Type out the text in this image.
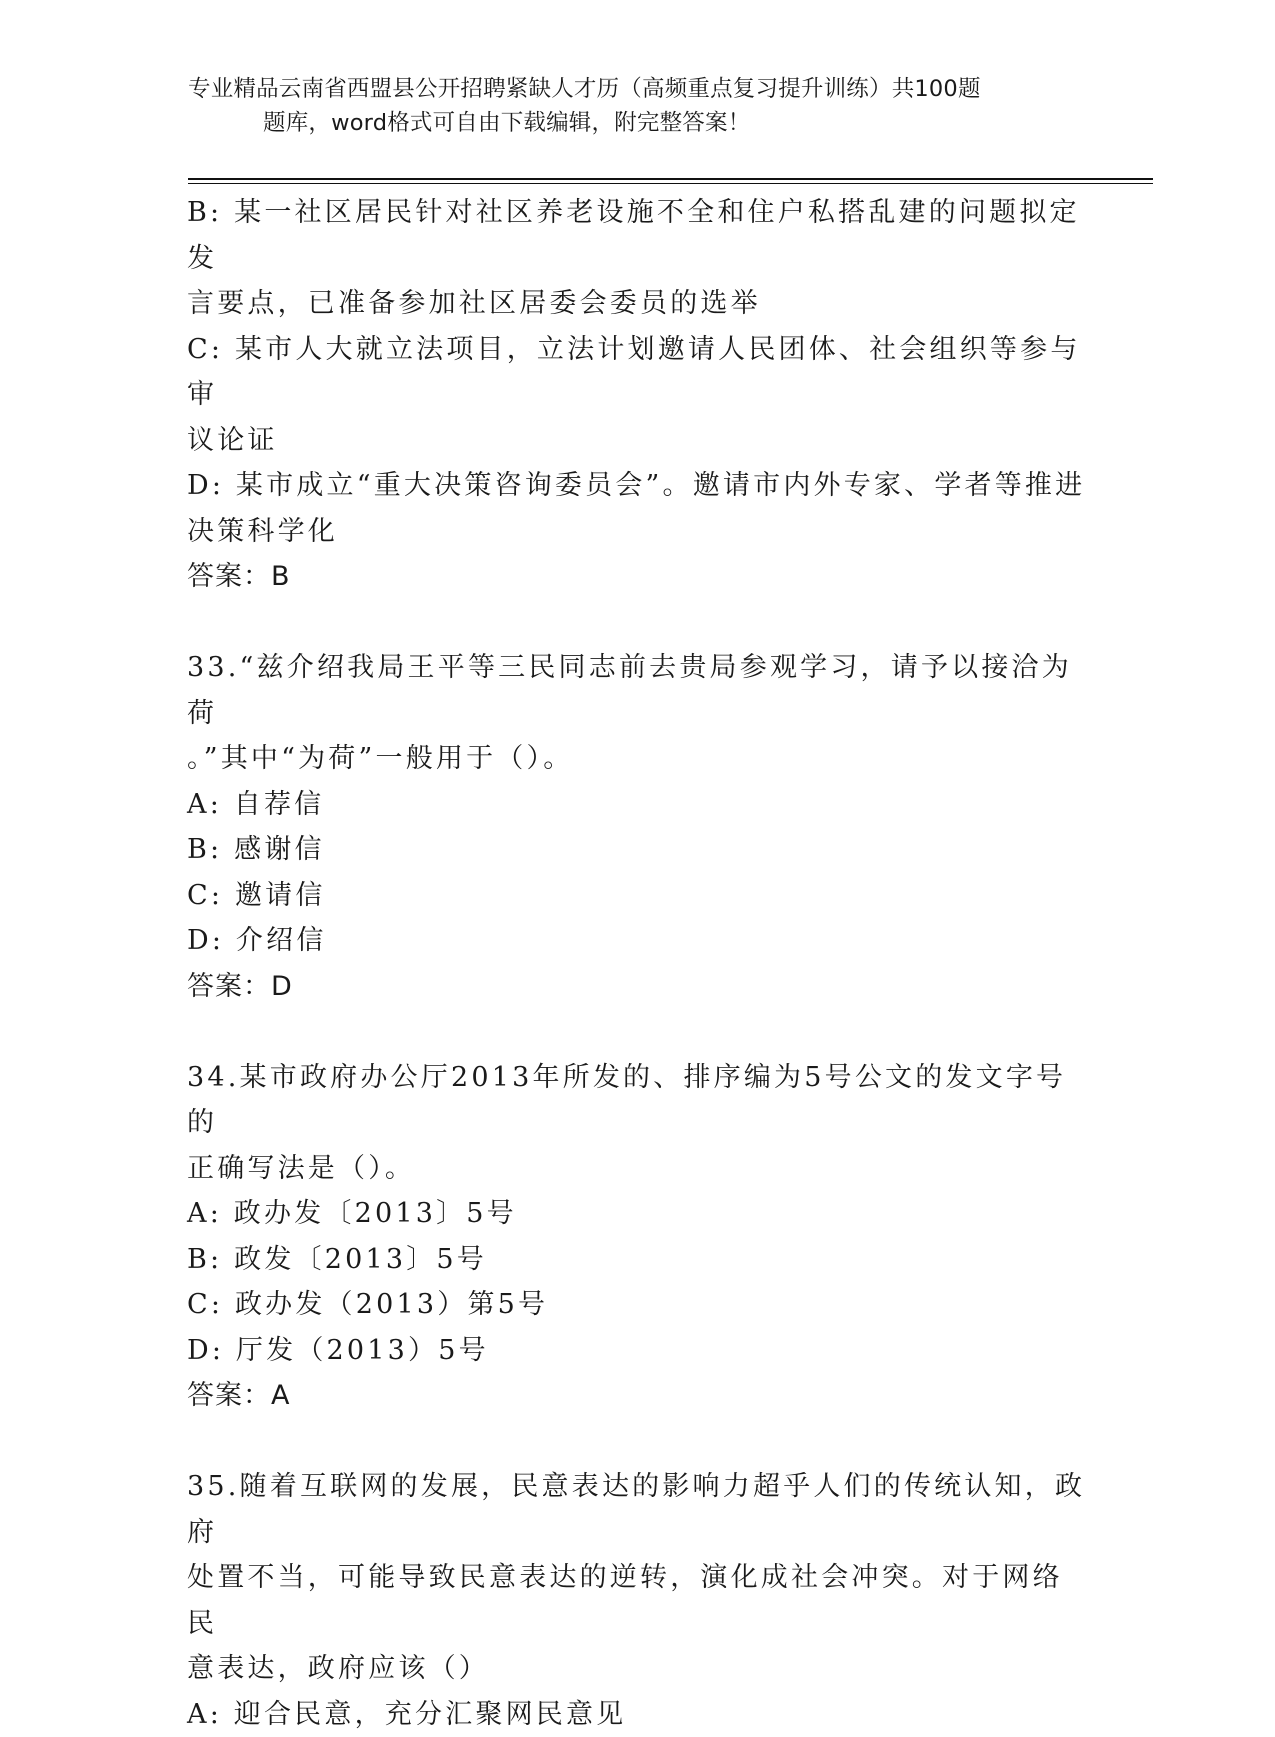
专业精品云南省西盟县公开招聘紧缺人才历（高频重点复习提升训练）共100题
题库，word格式可自由下载编辑，附完整答案！

B: 某一社区居民针对社区养老设施不全和住户私搭乱建的问题拟定发

言要点，已准备参加社区居委会委员的选举

C: 某市人大就立法项目，立法计划邀请人民团体、社会组织等参与审

议论证

D: 某市成立“重大决策咨询委员会”。邀请市内外专家、学者等推进

决策科学化

答案：B

33.“兹介绍我局王平等三民同志前去贵局参观学习，请予以接洽为荷

。”其中“为荷”一般用于（）。

A: 自荐信

B: 感谢信

C: 邀请信

D: 介绍信

答案：D

34.某市政府办公厅2013年所发的、排序编为5号公文的发文字号的

正确写法是（）。

A: 政办发〔2013〕5号

B: 政发〔2013〕5号

C: 政办发（2013）第5号

D: 厅发（2013）5号

答案：A

35.随着互联网的发展，民意表达的影响力超乎人们的传统认知，政府

处置不当，可能导致民意表达的逆转，演化成社会冲突。对于网络民

意表达，政府应该（）

A: 迎合民意，充分汇聚网民意见
